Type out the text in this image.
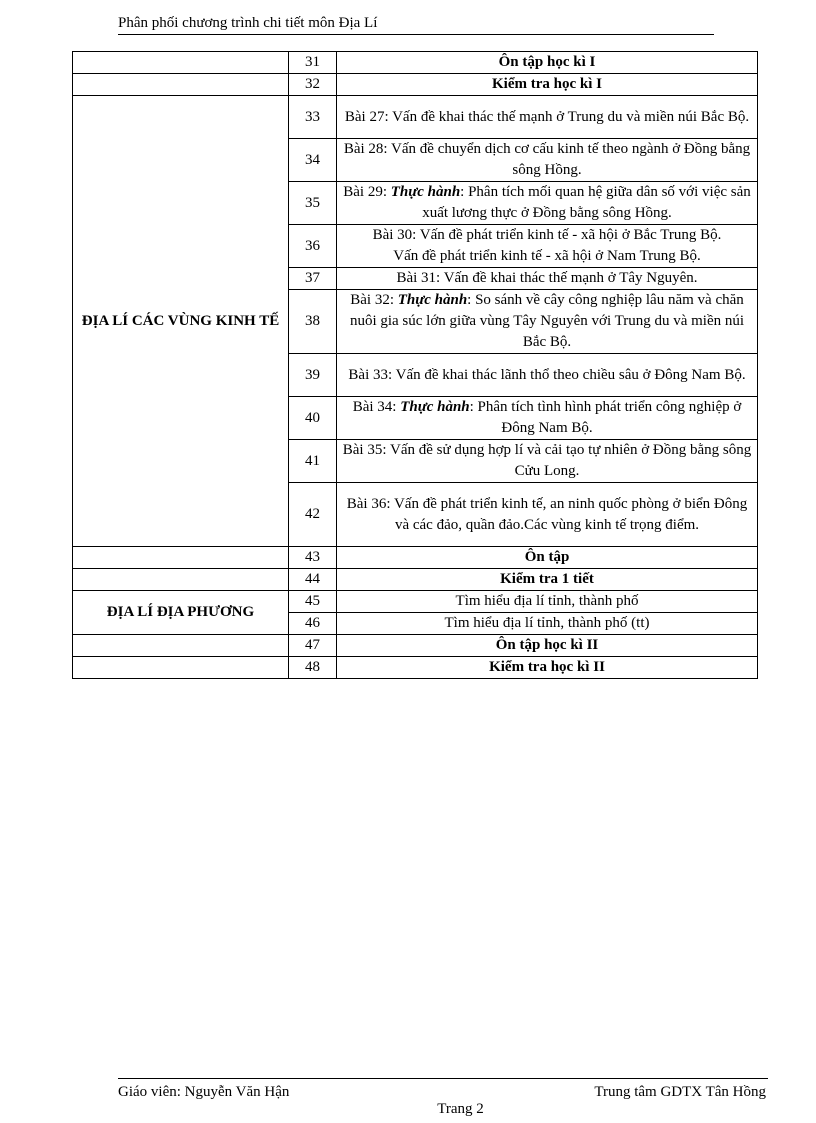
Phân phối chương trình chi tiết môn Địa Lí
	31	Ôn tập học kì I
	32	Kiểm tra học kì I
ĐỊA LÍ CÁC VÙNG KINH TẾ	33	Bài 27: Vấn đề khai thác thế mạnh ở Trung du và miền núi Bắc Bộ.
	34	Bài 28: Vấn đề chuyển dịch cơ cấu kinh tế theo ngành ở Đồng bằng sông Hồng.
	35	Bài 29: Thực hành: Phân tích mối quan hệ giữa dân số với việc sản xuất lương thực ở Đồng bằng sông Hồng.
	36	Bài 30: Vấn đề phát triển kinh tế - xã hội ở Bắc Trung Bộ.
Vấn đề phát triển kinh tế - xã hội ở Nam Trung Bộ.
	37	Bài 31: Vấn đề khai thác thế mạnh ở Tây Nguyên.
	38	Bài 32: Thực hành: So sánh về cây công nghiệp lâu năm và chăn nuôi gia súc lớn giữa vùng Tây Nguyên với Trung du và miền núi Bắc Bộ.
	39	Bài 33: Vấn đề khai thác lãnh thổ theo chiều sâu ở Đông Nam Bộ.
	40	Bài 34: Thực hành: Phân tích tình hình phát triển công nghiệp ở Đông Nam Bộ.
	41	Bài 35: Vấn đề sử dụng hợp lí và cải tạo tự nhiên ở Đồng bằng sông Cửu Long.
	42	Bài 36: Vấn đề phát triển kinh tế, an ninh quốc phòng ở biển Đông và các đảo, quần đảo.Các vùng kinh tế trọng điểm.
	43	Ôn tập
	44	Kiểm tra 1 tiết
ĐỊA LÍ ĐỊA PHƯƠNG	45	Tìm hiểu địa lí tỉnh, thành phố
	46	Tìm hiểu địa lí tỉnh, thành phố (tt)
	47	Ôn tập học kì II
	48	Kiểm tra học kì II
Giáo viên: Nguyễn Văn Hận	Trung tâm GDTX Tân Hồng
Trang 2
